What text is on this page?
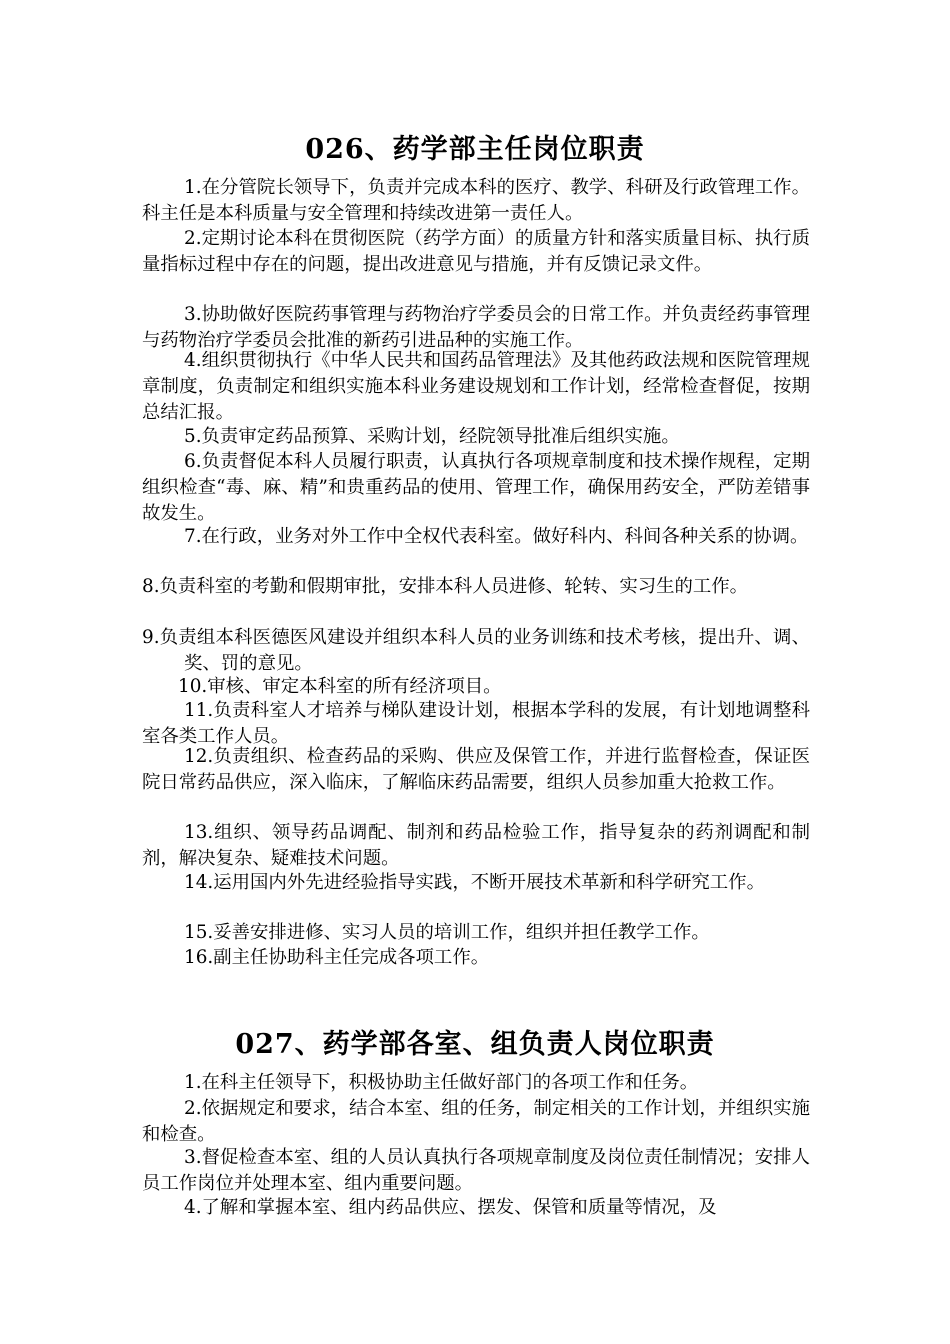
026、药学部主任岗位职责
1.在分管院长领导下，负责并完成本科的医疗、教学、科研及行政管理工作。 科主任是本科质量与安全管理和持续改进第一责任人。
2.定期讨论本科在贯彻医院（药学方面）的质量方针和落实质量目标、执行质量指标过程中存在的问题，提出改进意见与措施，并有反馈记录文件。
3.协助做好医院药事管理与药物治疗学委员会的日常工作。并负责经药事管理与药物治疗学委员会批准的新药引进品种的实施工作。
4.组织贯彻执行《中华人民共和国药品管理法》及其他药政法规和医院管理规章制度，负责制定和组织实施本科业务建设规划和工作计划，经常检查督促，按期总结汇报。
5.负责审定药品预算、采购计划，经院领导批准后组织实施。
6.负责督促本科人员履行职责，认真执行各项规章制度和技术操作规程，定期组织检查“毒、麻、精”和贵重药品的使用、管理工作，确保用药安全，严防差错事故发生。
7.在行政，业务对外工作中全权代表科室。做好科内、科间各种关系的协调。
8.负责科室的考勤和假期审批，安排本科人员进修、轮转、实习生的工作。
9.负责组本科医德医风建设并组织本科人员的业务训练和技术考核，提出升、调、奖、罚的意见。
10.审核、审定本科室的所有经济项目。
11.负责科室人才培养与梯队建设计划，根据本学科的发展，有计划地调整科室各类工作人员。
12.负责组织、检查药品的采购、供应及保管工作，并进行监督检查，保证医院日常药品供应，深入临床，了解临床药品需要，组织人员参加重大抢救工作。
13.组织、领导药品调配、制剂和药品检验工作，指导复杂的药剂调配和制剂，解决复杂、疑难技术问题。
14.运用国内外先进经验指导实践，不断开展技术革新和科学研究工作。
15.妥善安排进修、实习人员的培训工作，组织并担任教学工作。
16.副主任协助科主任完成各项工作。
027、药学部各室、组负责人岗位职责
1.在科主任领导下，积极协助主任做好部门的各项工作和任务。
2.依据规定和要求，结合本室、组的任务，制定相关的工作计划，并组织实施和检查。
3.督促检查本室、组的人员认真执行各项规章制度及岗位责任制情况；安排人员工作岗位并处理本室、组内重要问题。
4.了解和掌握本室、组内药品供应、摆发、保管和质量等情况，及
